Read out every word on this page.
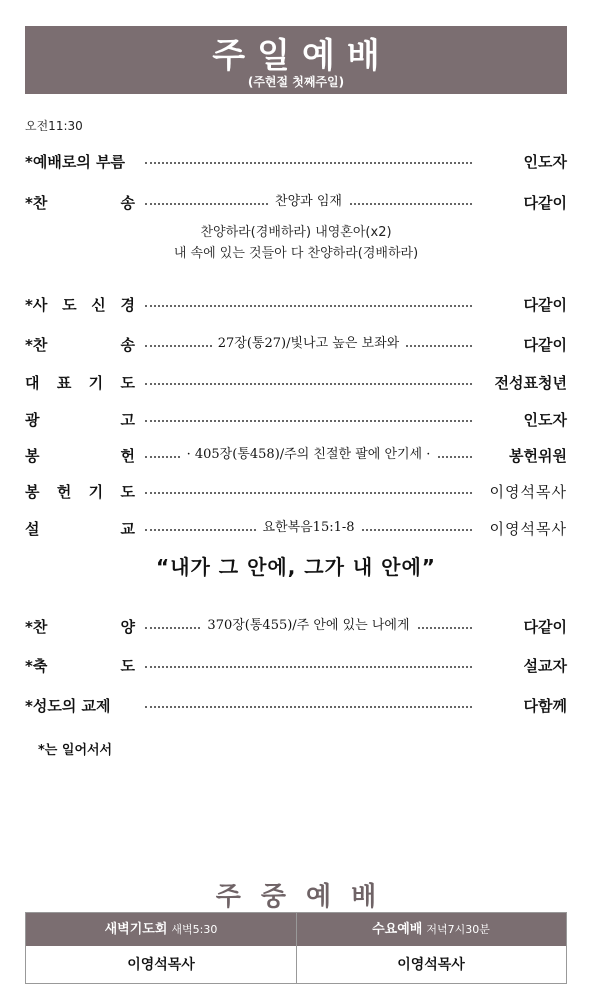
주일예배
(주현절 첫째주일)
오전11:30
*예배로의 부름	인도자
*찬	송	찬양과 임재	다같이
*사 도 신 경	다같이
*찬	송	27장(통27)/빛나고 높은 보좌와	다같이
대 표 기 도	전성표청년
광	고	인도자
봉	헌	· 405장(통458)/주의 친절한 팔에 안기세 ·	봉헌위원
봉 헌 기 도	이영석목사
설	교	요한복음15:1-8	이영석목사
*찬	양	370장(통455)/주 안에 있는 나에게	다같이
*축	도	설교자
*성도의 교제	다함께
찬양하라(경배하라) 내영혼아(x2)
내 속에 있는 것들아 다 찬양하라(경배하라)
“내가 그 안에, 그가 내 안에”
*는 일어서서
주중예배
새벽기도회 새벽5:30	수요예배 저녁7시30분
이영석목사	이영석목사
